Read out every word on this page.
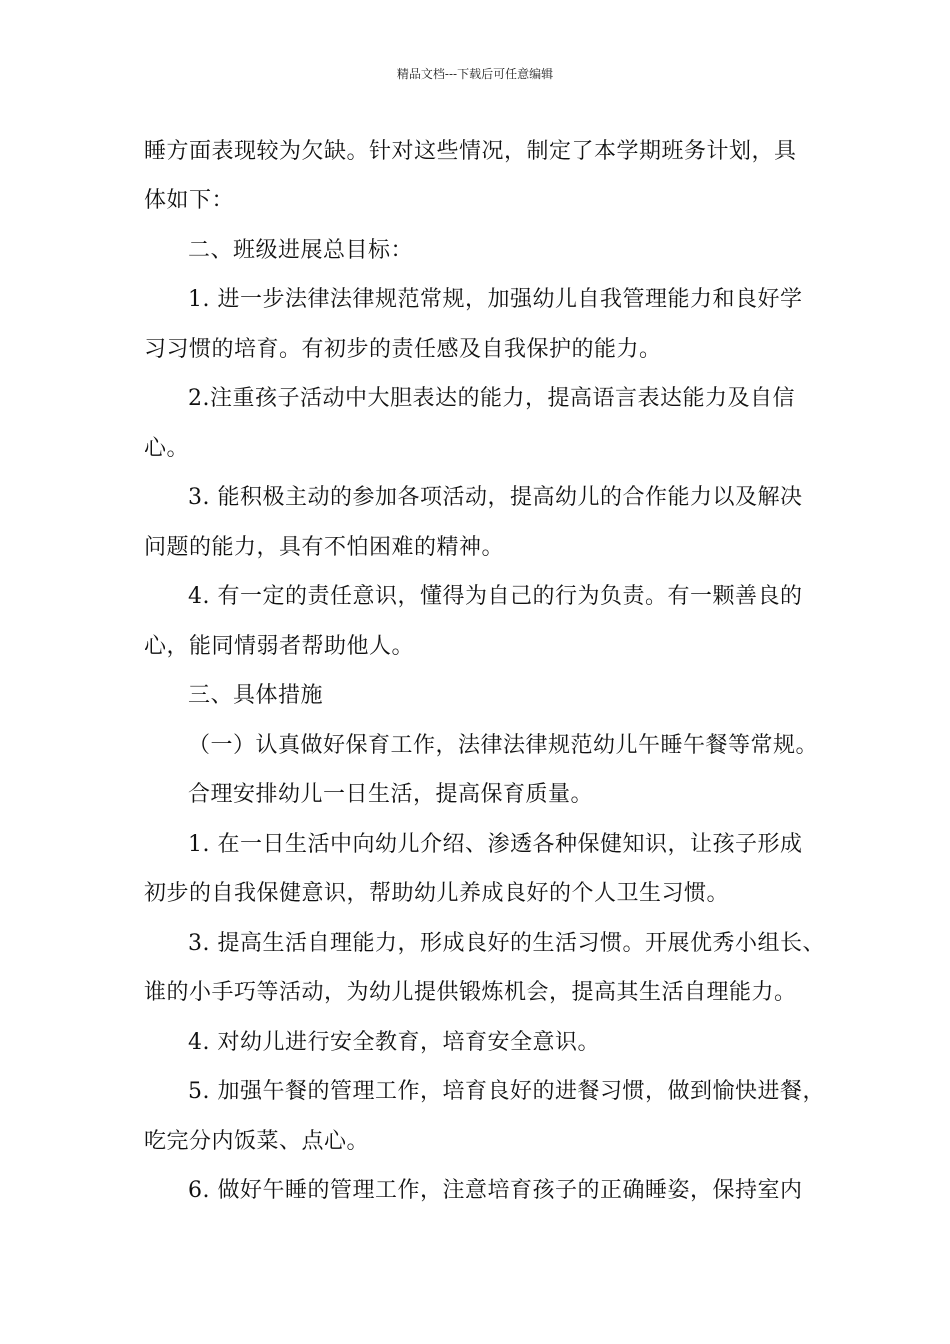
精品文档---下载后可任意编辑
睡方面表现较为欠缺。针对这些情况，制定了本学期班务计划，具
体如下：
二、班级进展总目标：
1. 进一步法律法律规范常规，加强幼儿自我管理能力和良好学
习习惯的培育。有初步的责任感及自我保护的能力。
2.注重孩子活动中大胆表达的能力，提高语言表达能力及自信
心。
3. 能积极主动的参加各项活动，提高幼儿的合作能力以及解决
问题的能力，具有不怕困难的精神。
4. 有一定的责任意识，懂得为自己的行为负责。有一颗善良的
心，能同情弱者帮助他人。
三、具体措施
（一）认真做好保育工作，法律法律规范幼儿午睡午餐等常规。
合理安排幼儿一日生活，提高保育质量。
1. 在一日生活中向幼儿介绍、渗透各种保健知识，让孩子形成
初步的自我保健意识，帮助幼儿养成良好的个人卫生习惯。
3. 提高生活自理能力，形成良好的生活习惯。开展优秀小组长、
谁的小手巧等活动，为幼儿提供锻炼机会，提高其生活自理能力。
4. 对幼儿进行安全教育，培育安全意识。
5. 加强午餐的管理工作，培育良好的进餐习惯，做到愉快进餐，
吃完分内饭菜、点心。
6. 做好午睡的管理工作，注意培育孩子的正确睡姿，保持室内
